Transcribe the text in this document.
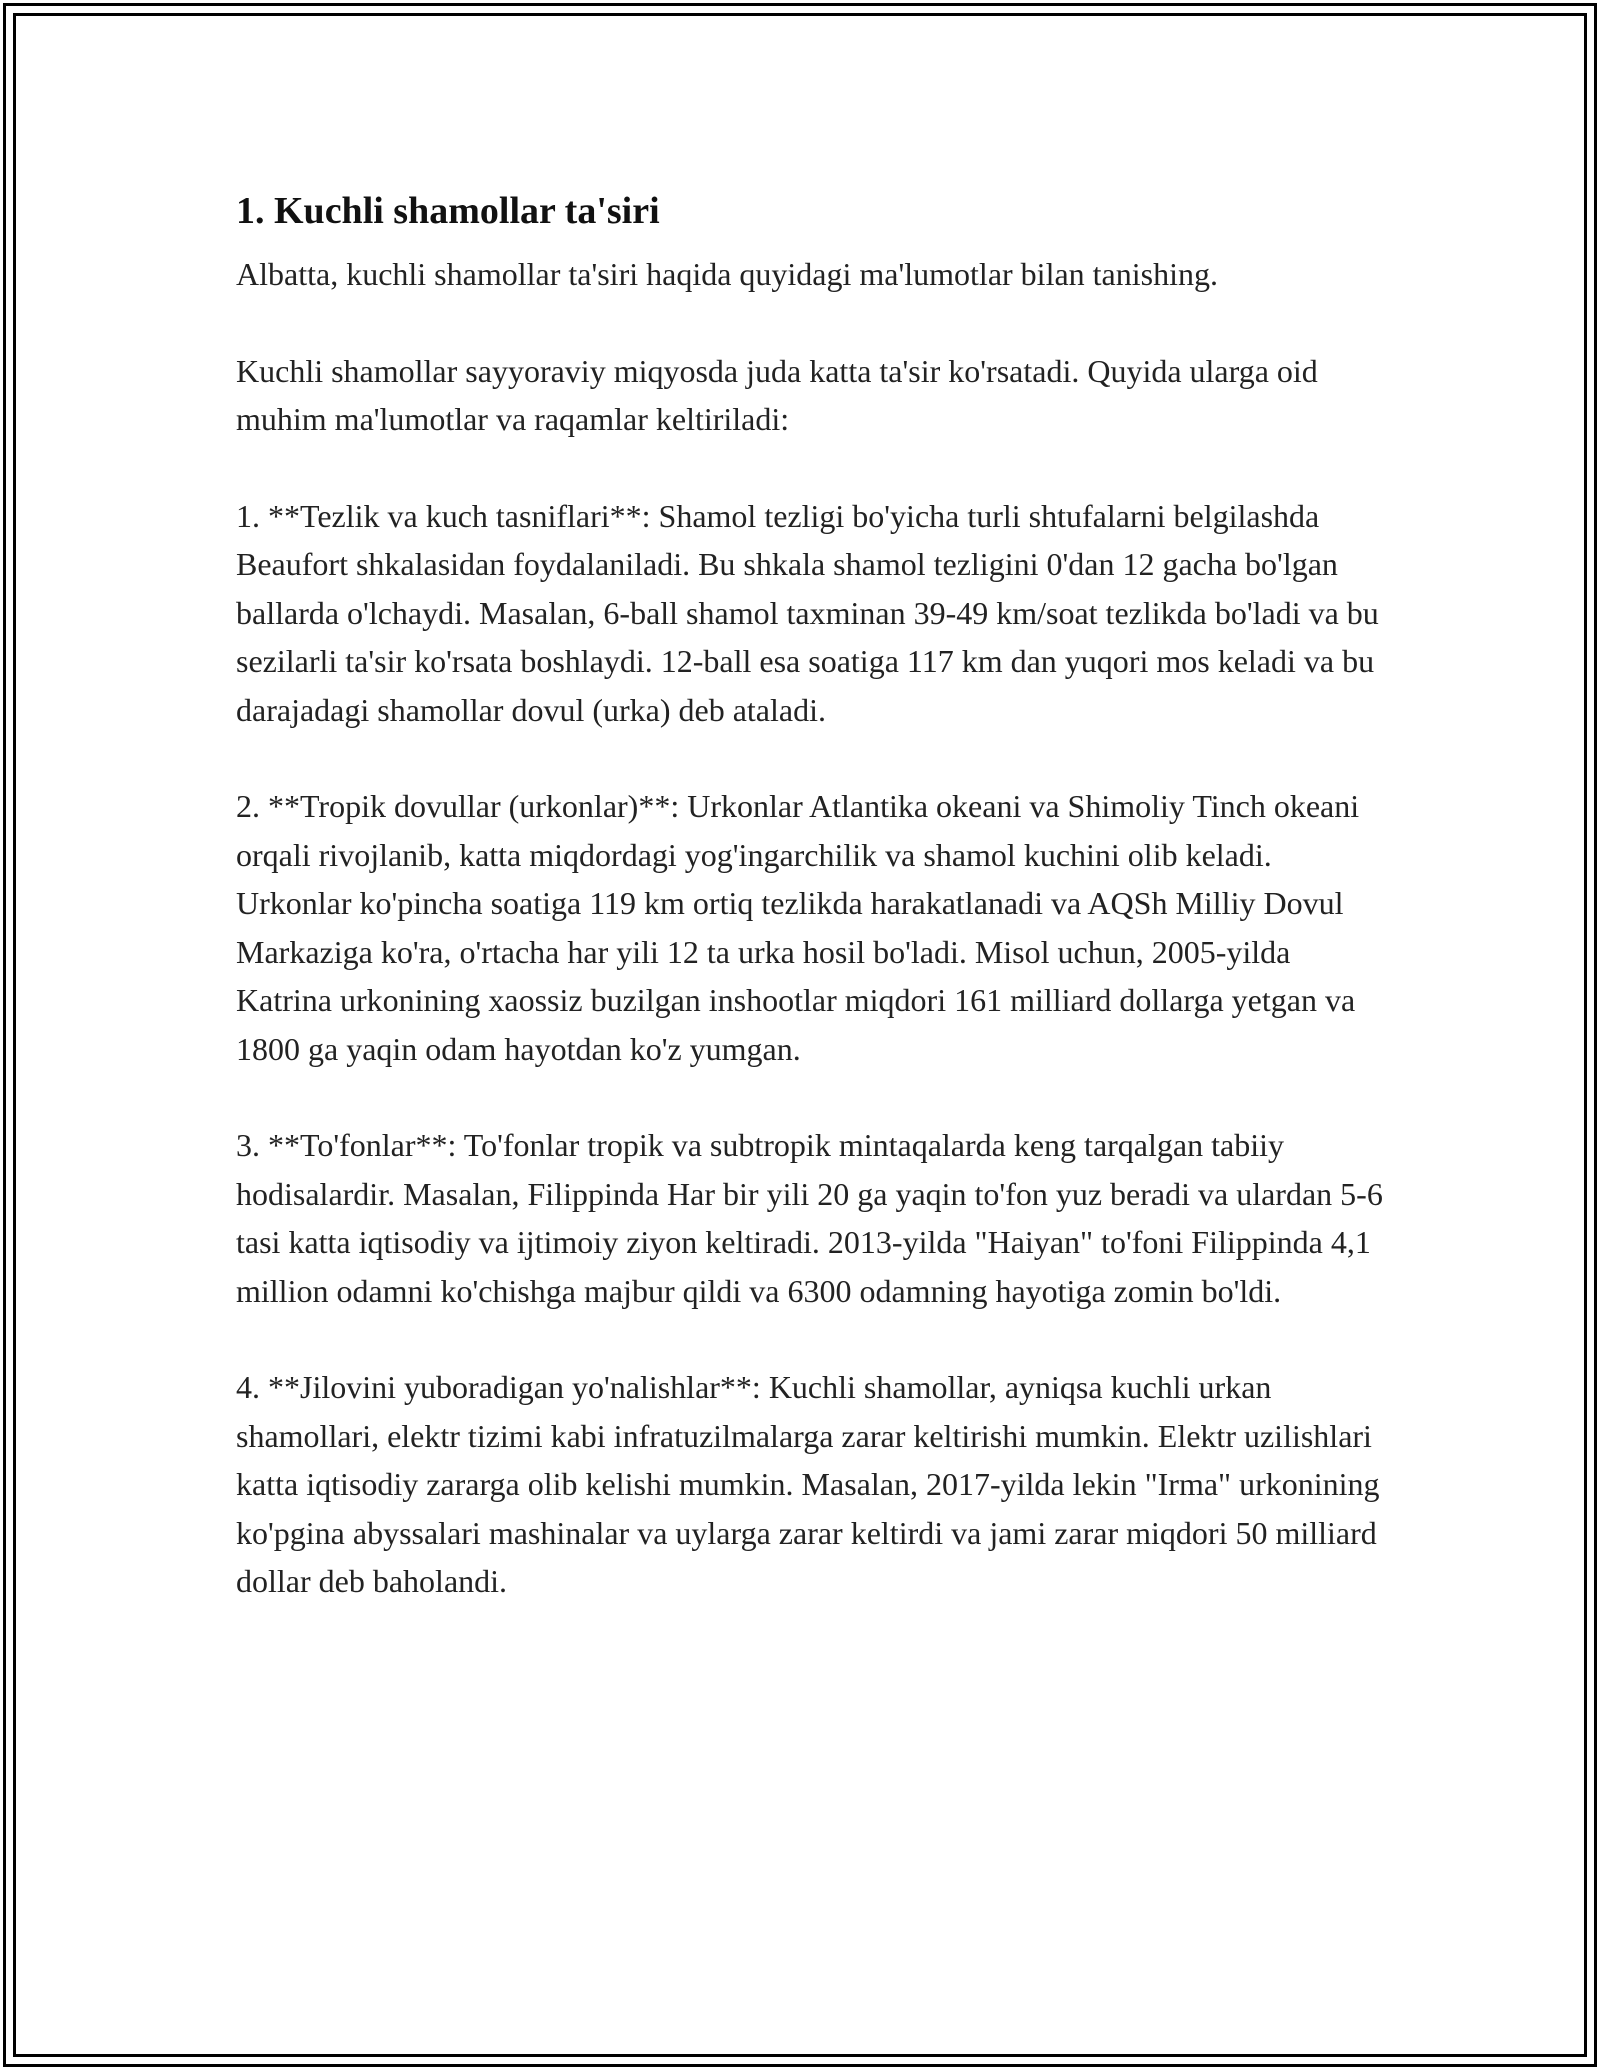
1. Kuchli shamollar ta'siri

Albatta, kuchli shamollar ta'siri haqida quyidagi ma'lumotlar bilan tanishing.

Kuchli shamollar sayyoraviy miqyosda juda katta ta'sir ko'rsatadi. Quyida ularga oid muhim ma'lumotlar va raqamlar keltiriladi:

1. **Tezlik va kuch tasniflari**: Shamol tezligi bo'yicha turli shtufalarni belgilashda Beaufort shkalasidan foydalaniladi. Bu shkala shamol tezligini 0'dan 12 gacha bo'lgan ballarda o'lchaydi. Masalan, 6-ball shamol taxminan 39-49 km/soat tezlikda bo'ladi va bu sezilarli ta'sir ko'rsata boshlaydi. 12-ball esa soatiga 117 km dan yuqori mos keladi va bu darajadagi shamollar dovul (urka) deb ataladi.

2. **Tropik dovullar (urkonlar)**: Urkonlar Atlantika okeani va Shimoliy Tinch okeani orqali rivojlanib, katta miqdordagi yog'ingarchilik va shamol kuchini olib keladi. Urkonlar ko'pincha soatiga 119 km ortiq tezlikda harakatlanadi va AQSh Milliy Dovul Markaziga ko'ra, o'rtacha har yili 12 ta urka hosil bo'ladi. Misol uchun, 2005-yilda Katrina urkonining xaossiz buzilgan inshootlar miqdori 161 milliard dollarga yetgan va 1800 ga yaqin odam hayotdan ko'z yumgan.

3. **To'fonlar**: To'fonlar tropik va subtropik mintaqalarda keng tarqalgan tabiiy hodisalardir. Masalan, Filippinda Har bir yili 20 ga yaqin to'fon yuz beradi va ulardan 5-6 tasi katta iqtisodiy va ijtimoiy ziyon keltiradi. 2013-yilda "Haiyan" to'foni Filippinda 4,1 million odamni ko'chishga majbur qildi va 6300 odamning hayotiga zomin bo'ldi.

4. **Jilovini yuboradigan yo'nalishlar**: Kuchli shamollar, ayniqsa kuchli urkan shamollari, elektr tizimi kabi infratuzilmalarga zarar keltirishi mumkin. Elektr uzilishlari katta iqtisodiy zararga olib kelishi mumkin. Masalan, 2017-yilda lekin "Irma" urkonining ko'pgina abyssalari mashinalar va uylarga zarar keltirdi va jami zarar miqdori 50 milliard dollar deb baholandi.
